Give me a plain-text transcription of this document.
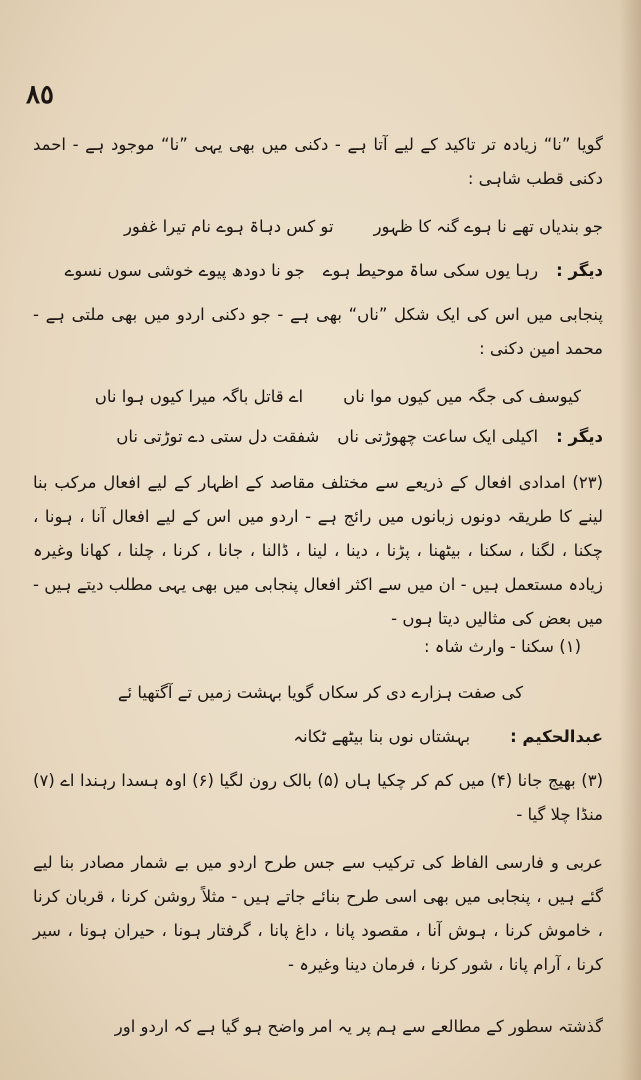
٨٥
گویا ”نا“ زیادہ تر تاکید کے لیے آتا ہے - دکنی میں بھی یہی ”نا“ موجود ہے - احمد دکنی قطب شاہی :
جو بندیاں تھے نا ہوے گنہ کا ظہور
تو کس دہاۃ ہوے نام تیرا غفور
دیگر :
رہا یوں سکی ساۃ موحیط ہوے
جو نا دودھ پیوے خوشی سوں نسوے
پنجابی میں اس کی ایک شکل ”ناں“ بھی ہے - جو دکنی اردو میں بھی ملتی ہے - محمد امین دکنی :
کیوسف کی جگہ میں کیوں موا ناں
اے قاتل باگہ میرا کیوں ہوا ناں
دیگر :
اکیلی ایک ساعت چھوڑتی ناں
شفقت دل ستی دے توڑتی ناں
(۲۳) امدادی افعال کے ذریعے سے مختلف مقاصد کے اظہار کے لیے افعال مرکب بنا لینے کا طریقہ دونوں زبانوں میں رائج ہے - اردو میں اس کے لیے افعال آنا ، ہونا ، چکنا ، لگنا ، سکنا ، بیٹھنا ، پڑنا ، دینا ، لینا ، ڈالنا ، جانا ، کرنا ، چلنا ، کھانا وغیرہ زیادہ مستعمل ہیں - ان میں سے اکثر افعال پنجابی میں بھی یہی مطلب دیتے ہیں - میں بعض کی مثالیں دیتا ہوں -
(۱) سکنا - وارث شاہ :
کی صفت ہزارے دی کر سکاں گویا بہشت زمیں تے آگتھیا ئے
عبدالحکیم :
بہشتاں نوں بنا بیٹھے ٹکانہ
(۳) بھیج جانا (۴) میں کم کر چکیا ہاں (۵) بالک رون لگیا (۶) اوہ ہسدا رہندا اے (۷) منڈا چلا گیا -
عربی و فارسی الفاظ کی ترکیب سے جس طرح اردو میں بے شمار مصادر بنا لیے گئے ہیں ، پنجابی میں بھی اسی طرح بنائے جاتے ہیں - مثلاً روشن کرنا ، قربان کرنا ، خاموش کرنا ، ہوش آنا ، مقصود پانا ، داغ پانا ، گرفتار ہونا ، حیران ہونا ، سیر کرنا ، آرام پانا ، شور کرنا ، فرمان دینا وغیرہ -
گذشتہ سطور کے مطالعے سے ہم پر یہ امر واضح ہو گیا ہے کہ اردو اور
